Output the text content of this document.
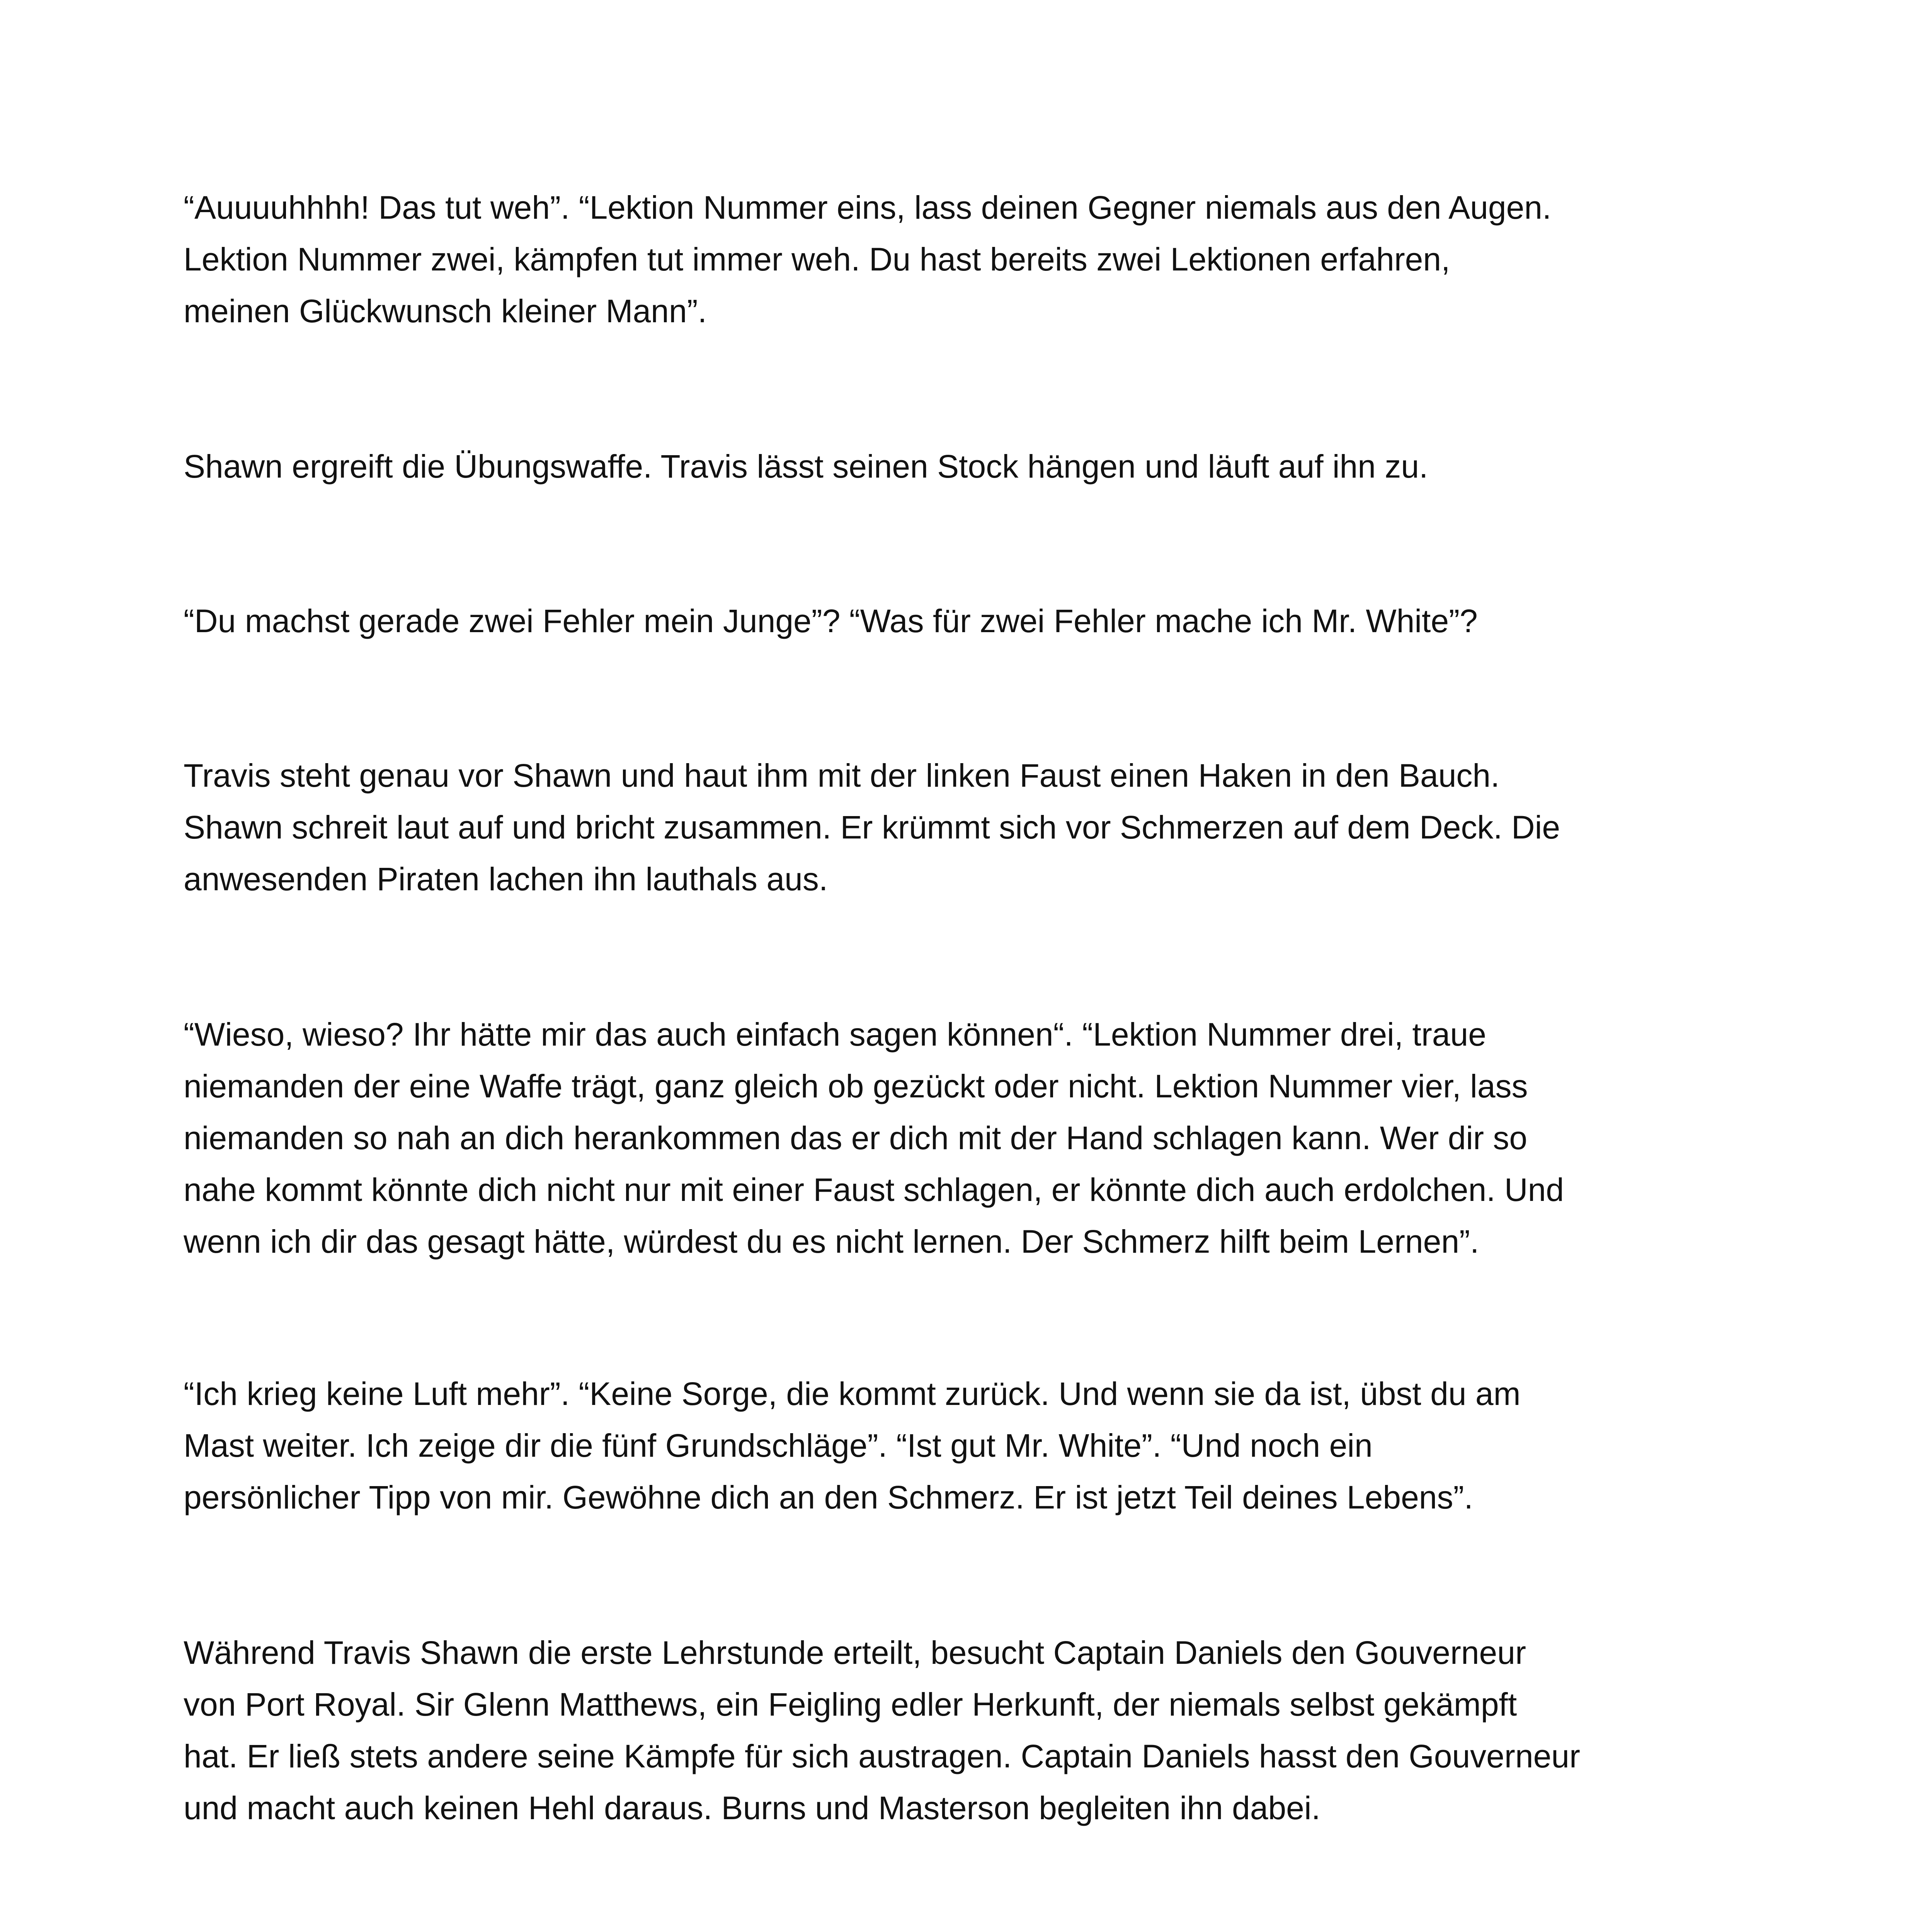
“Auuuuhhhh! Das tut weh”. “Lektion Nummer eins, lass deinen Gegner niemals aus den Augen.
Lektion Nummer zwei, kämpfen tut immer weh. Du hast bereits zwei Lektionen erfahren,
meinen Glückwunsch kleiner Mann”.

Shawn ergreift die Übungswaffe. Travis lässt seinen Stock hängen und läuft auf ihn zu.

“Du machst gerade zwei Fehler mein Junge”? “Was für zwei Fehler mache ich Mr. White”?

Travis steht genau vor Shawn und haut ihm mit der linken Faust einen Haken in den Bauch.
Shawn schreit laut auf und bricht zusammen. Er krümmt sich vor Schmerzen auf dem Deck. Die
anwesenden Piraten lachen ihn lauthals aus.

“Wieso, wieso? Ihr hätte mir das auch einfach sagen können“. “Lektion Nummer drei, traue
niemanden der eine Waffe trägt, ganz gleich ob gezückt oder nicht. Lektion Nummer vier, lass
niemanden so nah an dich herankommen das er dich mit der Hand schlagen kann. Wer dir so
nahe kommt könnte dich nicht nur mit einer Faust schlagen, er könnte dich auch erdolchen. Und
wenn ich dir das gesagt hätte, würdest du es nicht lernen. Der Schmerz hilft beim Lernen”.

“Ich krieg keine Luft mehr”. “Keine Sorge, die kommt zurück. Und wenn sie da ist, übst du am
Mast weiter. Ich zeige dir die fünf Grundschläge”. “Ist gut Mr. White”. “Und noch ein
persönlicher Tipp von mir. Gewöhne dich an den Schmerz. Er ist jetzt Teil deines Lebens”.

Während Travis Shawn die erste Lehrstunde erteilt, besucht Captain Daniels den Gouverneur
von Port Royal. Sir Glenn Matthews, ein Feigling edler Herkunft, der niemals selbst gekämpft
hat. Er ließ stets andere seine Kämpfe für sich austragen. Captain Daniels hasst den Gouverneur
und macht auch keinen Hehl daraus. Burns und Masterson begleiten ihn dabei.
